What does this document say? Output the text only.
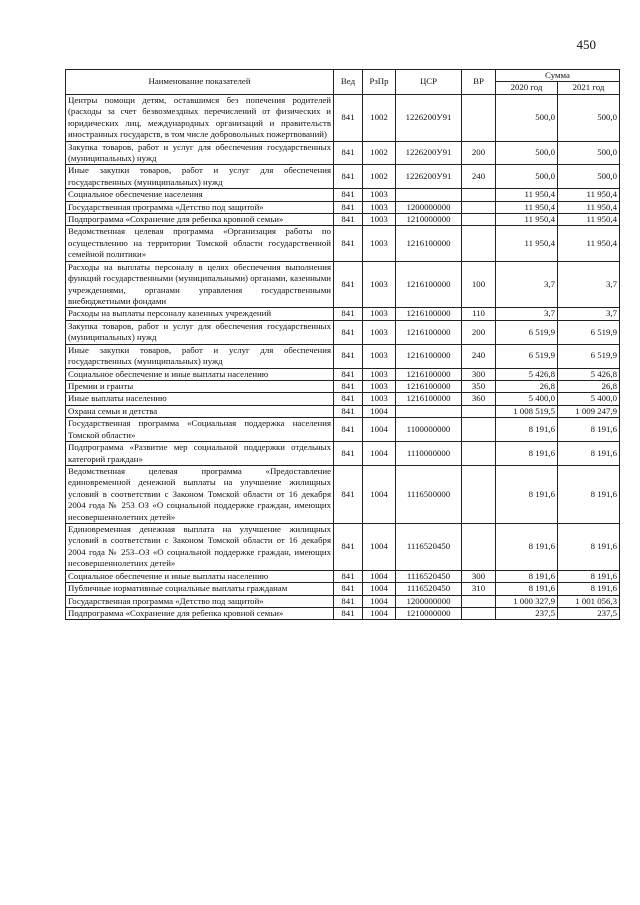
450
Наименование показателей	Вед	РзПр	ЦСР	ВР	Сумма	
					2020 год	2021 год
Центры помощи детям, оставшимся без попечения родителей (расходы за счет безвозмездных перечислений от физических и юридических лиц, международных организаций и правительств иностранных государств, в том числе добровольных пожертвований)	841	1002	1226200У91		500,0	500,0
Закупка товаров, работ и услуг для обеспечения государственных (муниципальных) нужд	841	1002	1226200У91	200	500,0	500,0
Иные закупки товаров, работ и услуг для обеспечения государственных (муниципальных) нужд	841	1002	1226200У91	240	500,0	500,0
Социальное обеспечение населения	841	1003			11 950,4	11 950,4
Государственная программа «Детство под защитой»	841	1003	1200000000		11 950,4	11 950,4
Подпрограмма «Сохранение для ребенка кровной семьи»	841	1003	1210000000		11 950,4	11 950,4
Ведомственная целевая программа «Организация работы по осуществлению на территории Томской области государственной семейной политики»	841	1003	1216100000		11 950,4	11 950,4
Расходы на выплаты персоналу в целях обеспечения выполнения функций государственными (муниципальными) органами, казенными учреждениями, органами управления государственными внебюджетными фондами	841	1003	1216100000	100	3,7	3,7
Расходы на выплаты персоналу казенных учреждений	841	1003	1216100000	110	3,7	3,7
Закупка товаров, работ и услуг для обеспечения государственных (муниципальных) нужд	841	1003	1216100000	200	6 519,9	6 519,9
Иные закупки товаров, работ и услуг для обеспечения государственных (муниципальных) нужд	841	1003	1216100000	240	6 519,9	6 519,9
Социальное обеспечение и иные выплаты населению	841	1003	1216100000	300	5 426,8	5 426,8
Премии и гранты	841	1003	1216100000	350	26,8	26,8
Иные выплаты населению	841	1003	1216100000	360	5 400,0	5 400,0
Охрана семьи и детства	841	1004			1 008 519,5	1 009 247,9
Государственная программа «Социальная поддержка населения Томской области»	841	1004	1100000000		8 191,6	8 191,6
Подпрограмма «Развитие мер социальной поддержки отдельных категорий граждан»	841	1004	1110000000		8 191,6	8 191,6
Ведомственная целевая программа «Предоставление единовременной денежной выплаты на улучшение жилищных условий в соответствии с Законом Томской области от 16 декабря 2004 года № 253 ОЗ «О социальной поддержке граждан, имеющих несовершеннолетних детей»	841	1004	1116500000		8 191,6	8 191,6
Единовременная денежная выплата на улучшение жилищных условий в соответствии с Законом Томской области от 16 декабря 2004 года № 253–ОЗ «О социальной поддержке граждан, имеющих несовершеннолетних детей»	841	1004	1116520450		8 191,6	8 191,6
Социальное обеспечение и иные выплаты населению	841	1004	1116520450	300	8 191,6	8 191,6
Публичные нормативные социальные выплаты гражданам	841	1004	1116520450	310	8 191,6	8 191,6
Государственная программа «Детство под защитой»	841	1004	1200000000		1 000 327,9	1 001 056,3
Подпрограмма «Сохранение для ребенка кровной семьи»	841	1004	1210000000		237,5	237,5
